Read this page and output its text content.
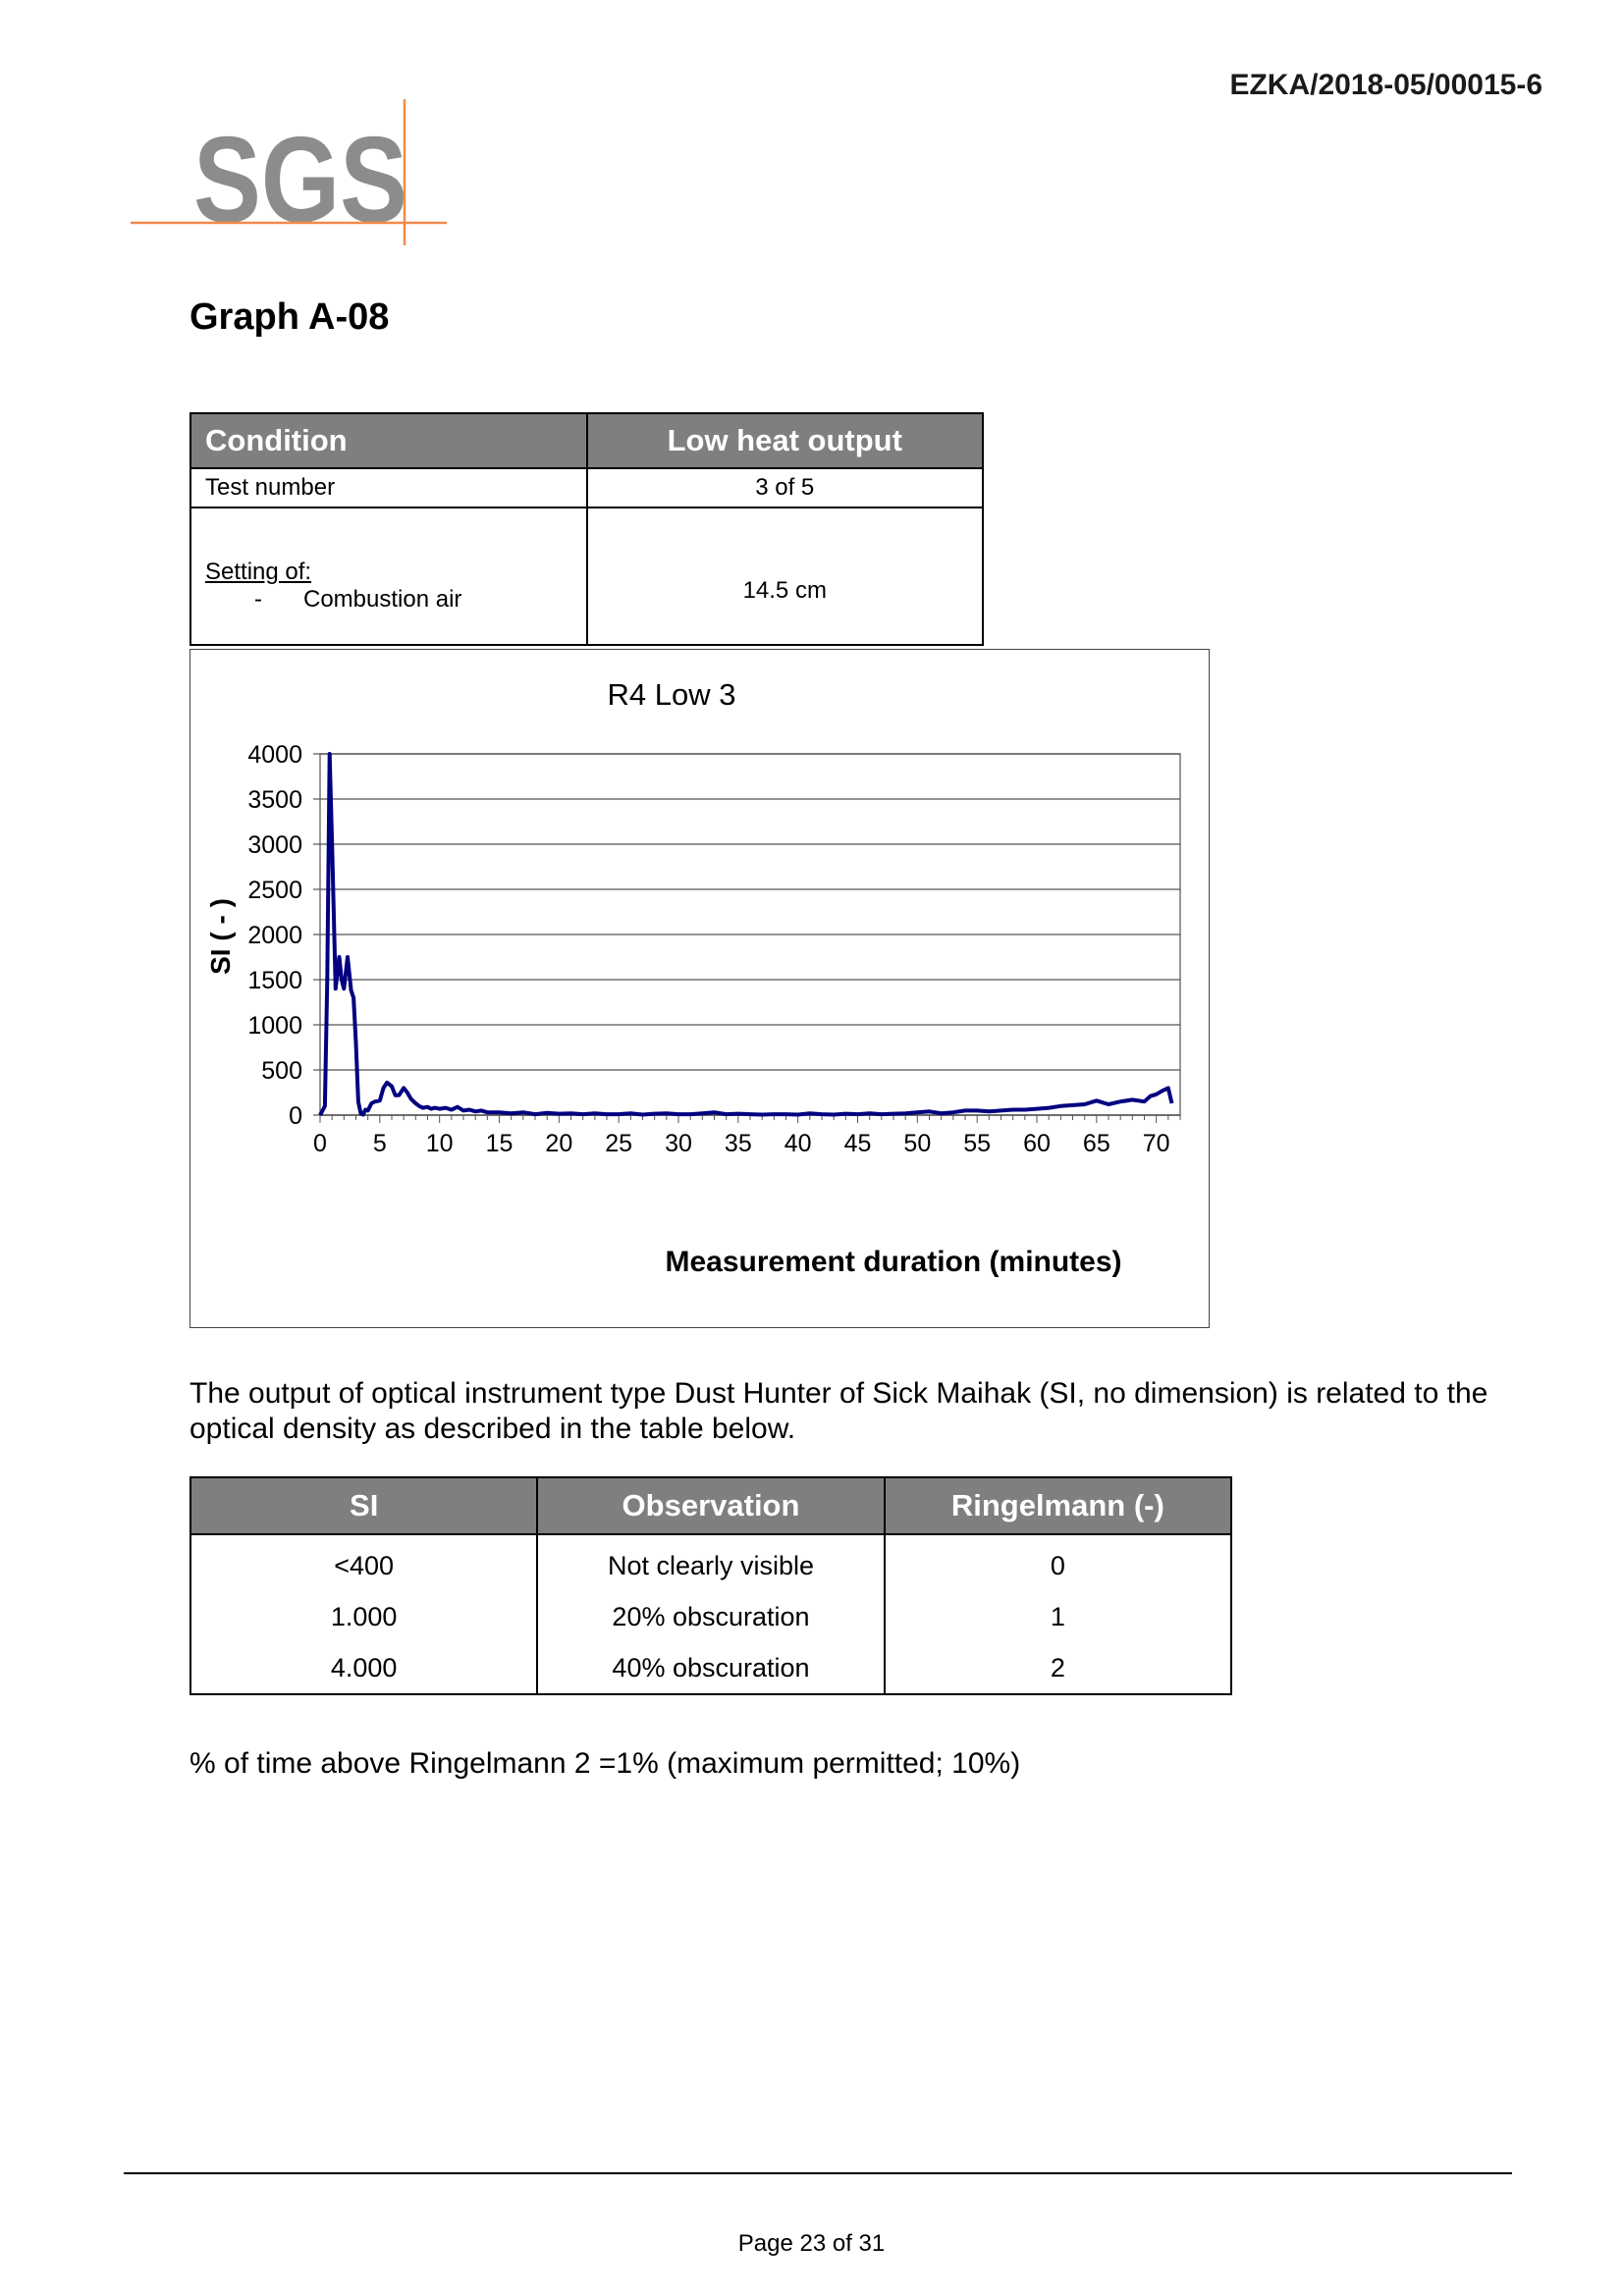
EZKA/2018-05/00015-6
SGS
Graph A-08
Condition	Low heat output
Test number	3 of 5

Setting of:
- Combustion air	14.5 cm
0
500
1000
1500
2000
2500
3000
3500
4000
0 5 10 15 20 25 30 35 40 45 50 55 60 65 70
R4 Low 3
Measurement duration (minutes)
SI ( - )
The output of optical instrument type Dust Hunter of Sick Maihak (SI, no dimension) is related to the optical density as described in the table below.
SI	Observation	Ringelmann (-)
<400	Not clearly visible	0
1.000	20% obscuration	1
4.000	40% obscuration	2
% of time above Ringelmann 2 =1% (maximum permitted; 10%)
Page 23 of 31
